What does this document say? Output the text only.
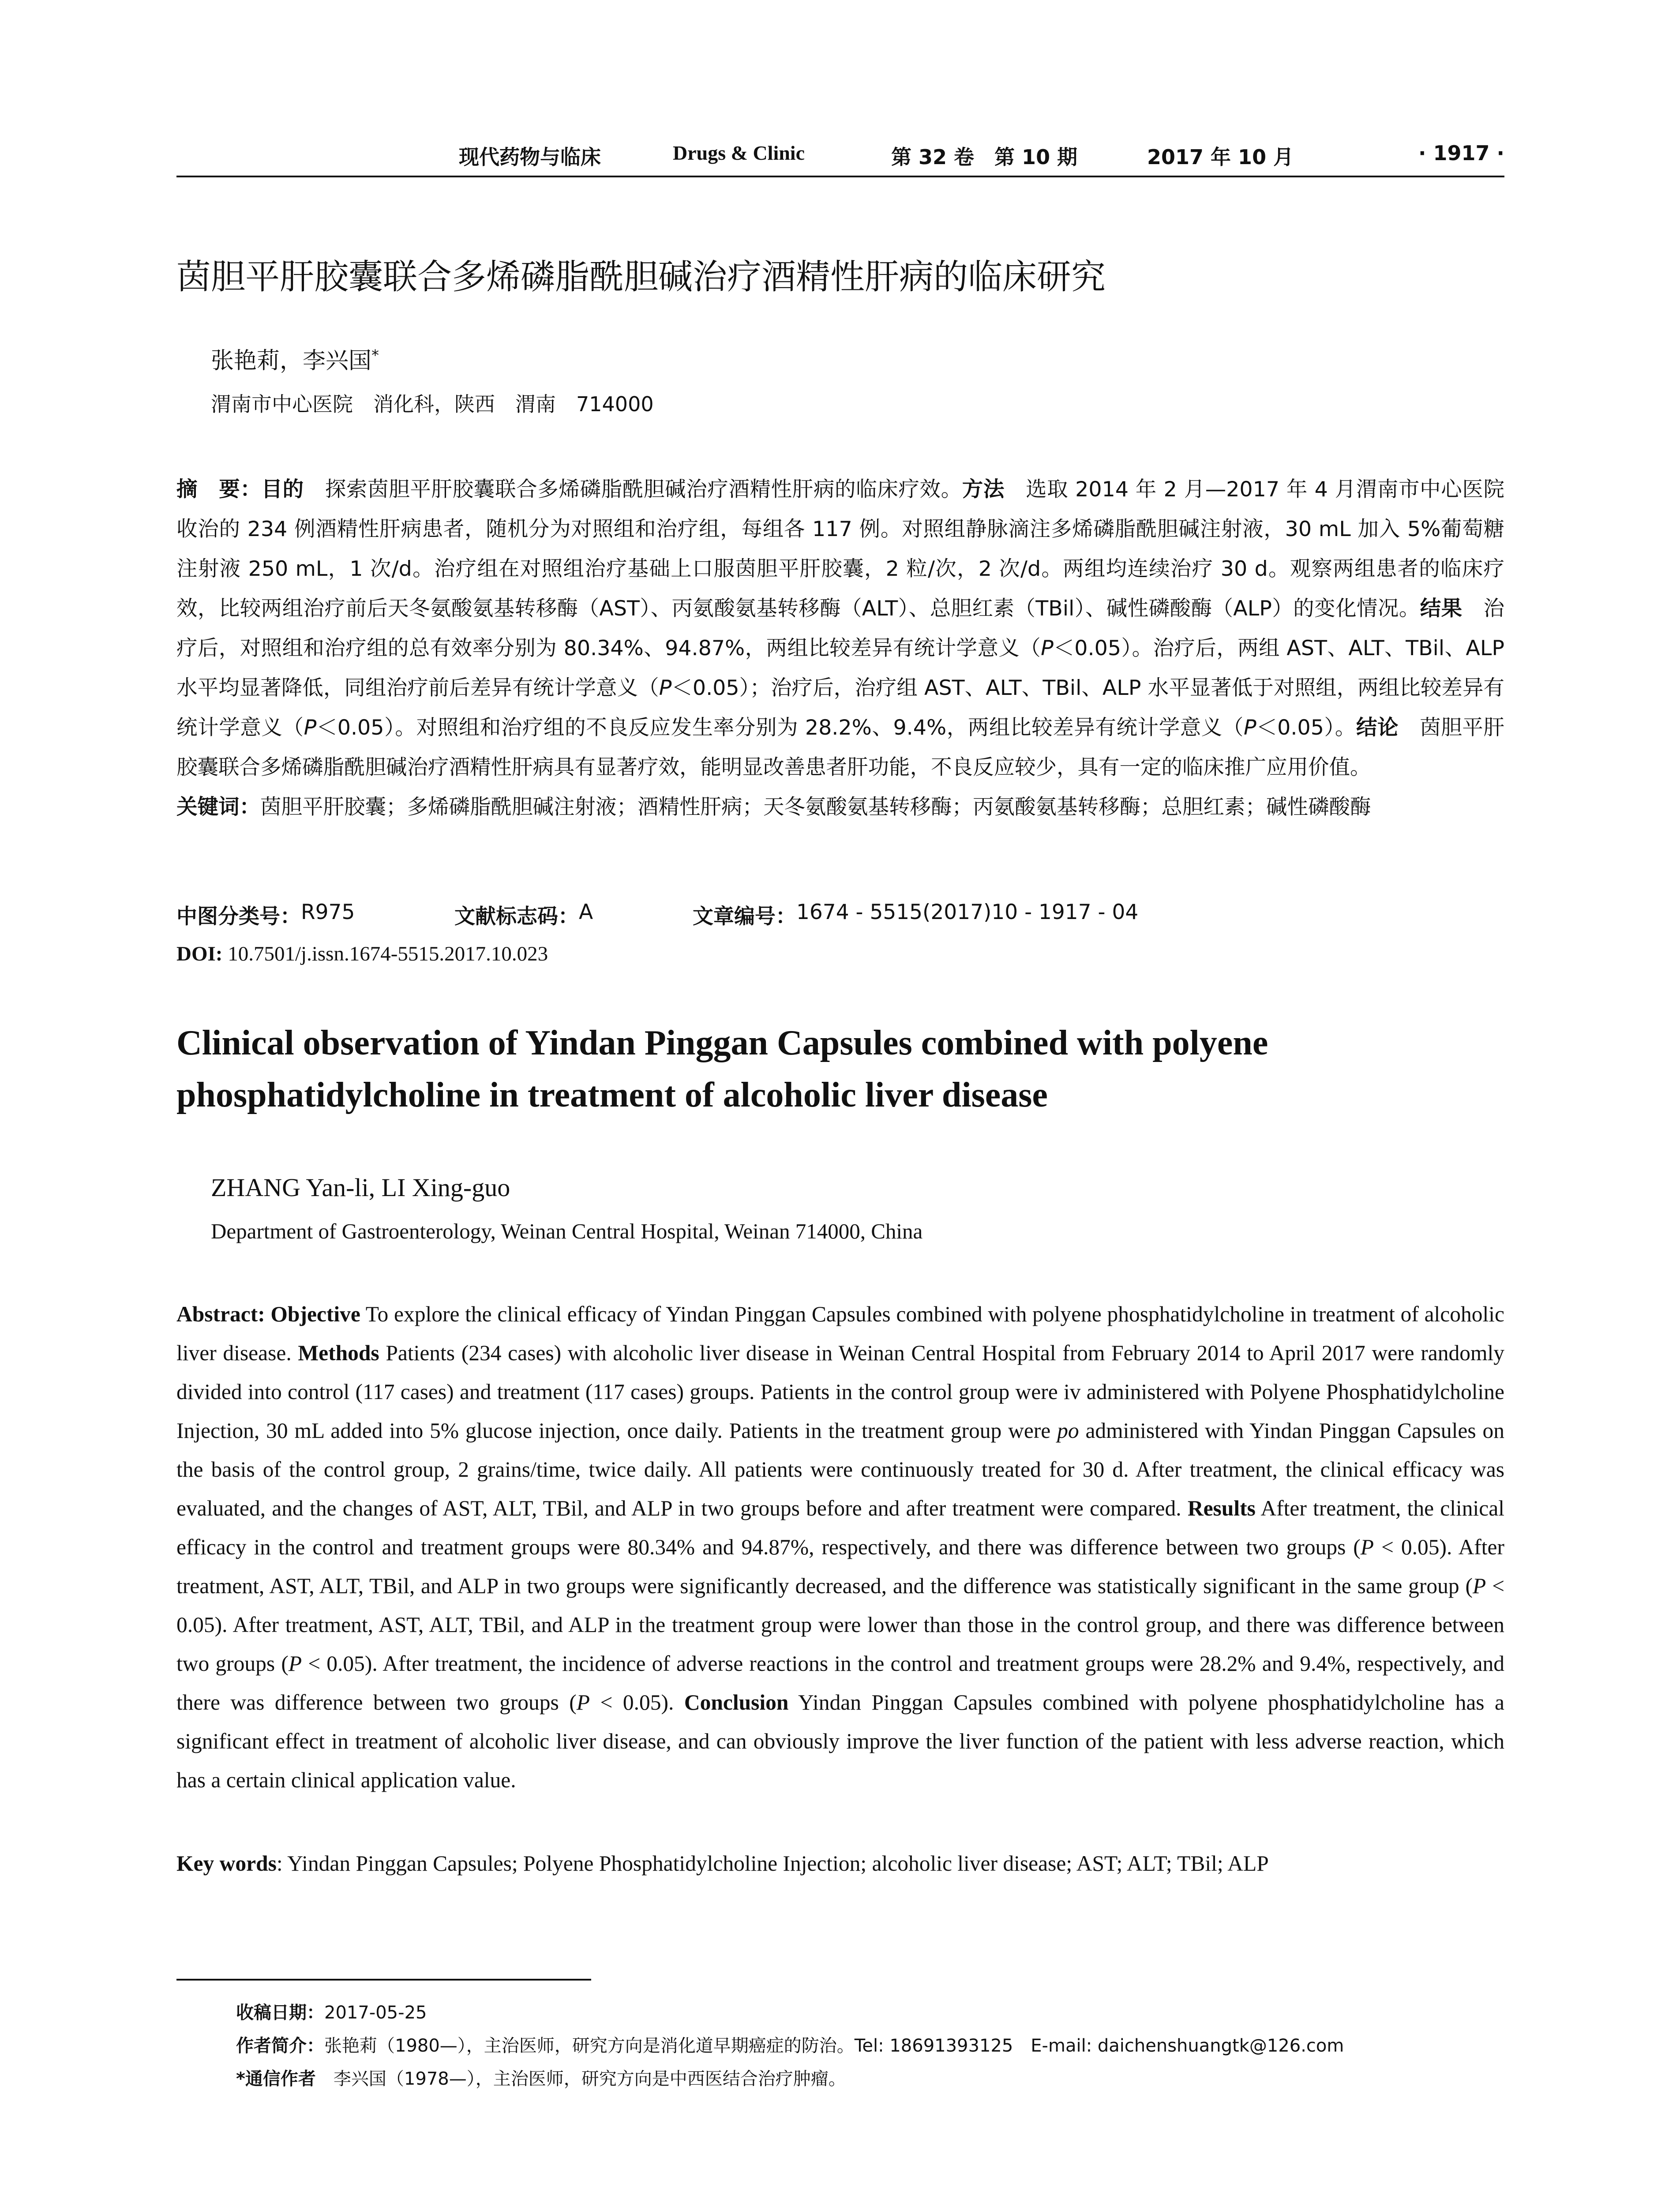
现代药物与临床	Drugs & Clinic	第 32 卷　第 10 期	2017 年 10 月	· 1917 ·
茵胆平肝胶囊联合多烯磷脂酰胆碱治疗酒精性肝病的临床研究
张艳莉，李兴国*
渭南市中心医院　消化科，陕西　渭南　714000
摘　要：目的　探索茵胆平肝胶囊联合多烯磷脂酰胆碱治疗酒精性肝病的临床疗效。方法　选取 2014 年 2 月—2017 年 4 月渭南市中心医院收治的 234 例酒精性肝病患者，随机分为对照组和治疗组，每组各 117 例。对照组静脉滴注多烯磷脂酰胆碱注射液，30 mL 加入 5%葡萄糖注射液 250 mL，1 次/d。治疗组在对照组治疗基础上口服茵胆平肝胶囊，2 粒/次，2 次/d。两组均连续治疗 30 d。观察两组患者的临床疗效，比较两组治疗前后天冬氨酸氨基转移酶（AST）、丙氨酸氨基转移酶（ALT）、总胆红素（TBil）、碱性磷酸酶（ALP）的变化情况。结果　治疗后，对照组和治疗组的总有效率分别为 80.34%、94.87%，两组比较差异有统计学意义（P＜0.05）。治疗后，两组 AST、ALT、TBil、ALP 水平均显著降低，同组治疗前后差异有统计学意义（P＜0.05）；治疗后，治疗组 AST、ALT、TBil、ALP 水平显著低于对照组，两组比较差异有统计学意义（P＜0.05）。对照组和治疗组的不良反应发生率分别为 28.2%、9.4%，两组比较差异有统计学意义（P＜0.05）。结论　茵胆平肝胶囊联合多烯磷脂酰胆碱治疗酒精性肝病具有显著疗效，能明显改善患者肝功能，不良反应较少，具有一定的临床推广应用价值。
关键词：茵胆平肝胶囊；多烯磷脂酰胆碱注射液；酒精性肝病；天冬氨酸氨基转移酶；丙氨酸氨基转移酶；总胆红素；碱性磷酸酶
中图分类号： R975	文献标志码： A	文章编号： 1674 - 5515(2017)10 - 1917 - 04
DOI: 10.7501/j.issn.1674-5515.2017.10.023
Clinical observation of Yindan Pinggan Capsules combined with polyene phosphatidylcholine in treatment of alcoholic liver disease
ZHANG Yan-li, LI Xing-guo
Department of Gastroenterology, Weinan Central Hospital, Weinan 714000, China
Abstract: Objective To explore the clinical efficacy of Yindan Pinggan Capsules combined with polyene phosphatidylcholine in treatment of alcoholic liver disease. Methods Patients (234 cases) with alcoholic liver disease in Weinan Central Hospital from February 2014 to April 2017 were randomly divided into control (117 cases) and treatment (117 cases) groups. Patients in the control group were iv administered with Polyene Phosphatidylcholine Injection, 30 mL added into 5% glucose injection, once daily. Patients in the treatment group were po administered with Yindan Pinggan Capsules on the basis of the control group, 2 grains/time, twice daily. All patients were continuously treated for 30 d. After treatment, the clinical efficacy was evaluated, and the changes of AST, ALT, TBil, and ALP in two groups before and after treatment were compared. Results After treatment, the clinical efficacy in the control and treatment groups were 80.34% and 94.87%, respectively, and there was difference between two groups (P < 0.05). After treatment, AST, ALT, TBil, and ALP in two groups were significantly decreased, and the difference was statistically significant in the same group (P < 0.05). After treatment, AST, ALT, TBil, and ALP in the treatment group were lower than those in the control group, and there was difference between two groups (P < 0.05). After treatment, the incidence of adverse reactions in the control and treatment groups were 28.2% and 9.4%, respectively, and there was difference between two groups (P < 0.05). Conclusion Yindan Pinggan Capsules combined with polyene phosphatidylcholine has a significant effect in treatment of alcoholic liver disease, and can obviously improve the liver function of the patient with less adverse reaction, which has a certain clinical application value.
Key words: Yindan Pinggan Capsules; Polyene Phosphatidylcholine Injection; alcoholic liver disease; AST; ALT; TBil; ALP
收稿日期：2017-05-25
作者简介：张艳莉（1980—），主治医师，研究方向是消化道早期癌症的防治。Tel: 18691393125　E-mail: daichenshuangtk@126.com
*通信作者　李兴国（1978—），主治医师，研究方向是中西医结合治疗肿瘤。
